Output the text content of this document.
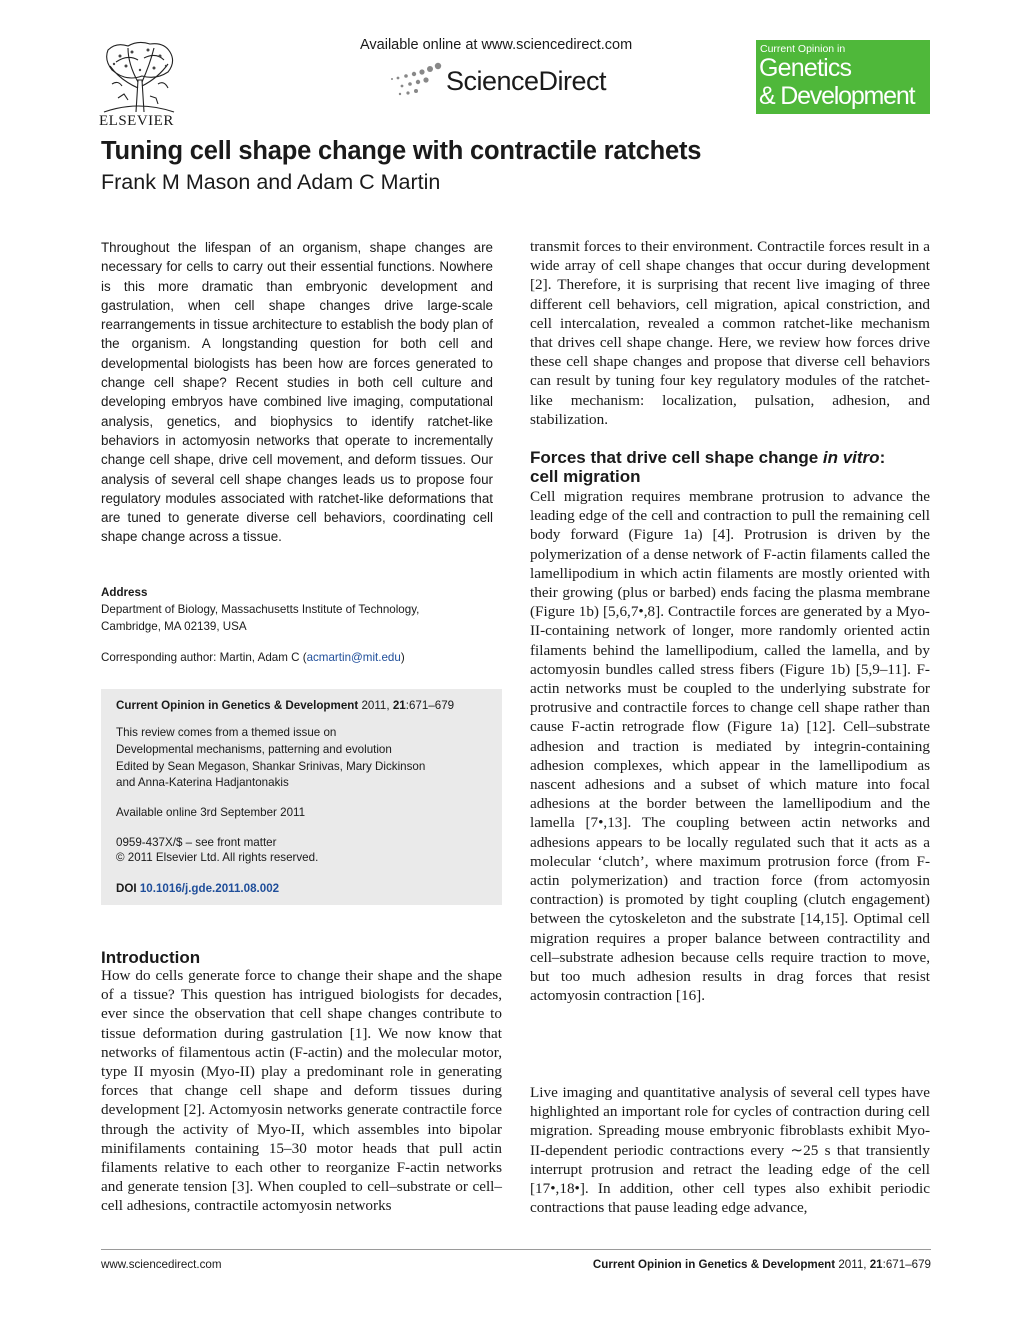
ELSEVIER
Available online at www.sciencedirect.com
ScienceDirect
Current Opinion in
Genetics
& Development
Tuning cell shape change with contractile ratchets
Frank M Mason and Adam C Martin
Throughout the lifespan of an organism, shape changes are necessary for cells to carry out their essential functions. Nowhere is this more dramatic than embryonic development and gastrulation, when cell shape changes drive large-scale rearrangements in tissue architecture to establish the body plan of the organism. A longstanding question for both cell and developmental biologists has been how are forces generated to change cell shape? Recent studies in both cell culture and developing embryos have combined live imaging, computational analysis, genetics, and biophysics to identify ratchet-like behaviors in actomyosin networks that operate to incrementally change cell shape, drive cell movement, and deform tissues. Our analysis of several cell shape changes leads us to propose four regulatory modules associated with ratchet-like deformations that are tuned to generate diverse cell behaviors, coordinating cell shape change across a tissue.
Address
Department of Biology, Massachusetts Institute of Technology,
Cambridge, MA 02139, USA
Corresponding author: Martin, Adam C (acmartin@mit.edu)
Current Opinion in Genetics & Development 2011, 21:671–679
This review comes from a themed issue on
Developmental mechanisms, patterning and evolution
Edited by Sean Megason, Shankar Srinivas, Mary Dickinson
and Anna-Katerina Hadjantonakis
Available online 3rd September 2011
0959-437X/$ – see front matter
© 2011 Elsevier Ltd. All rights reserved.
DOI 10.1016/j.gde.2011.08.002
Introduction
How do cells generate force to change their shape and the shape of a tissue? This question has intrigued biologists for decades, ever since the observation that cell shape changes contribute to tissue deformation during gastrulation [1]. We now know that networks of filamentous actin (F-actin) and the molecular motor, type II myosin (Myo-II) play a predominant role in generating forces that change cell shape and deform tissues during development [2]. Actomyosin networks generate contractile force through the activity of Myo-II, which assembles into bipolar minifilaments containing 15–30 motor heads that pull actin filaments relative to each other to reorganize F-actin networks and generate tension [3]. When coupled to cell–substrate or cell–cell adhesions, contractile actomyosin networks
transmit forces to their environment. Contractile forces result in a wide array of cell shape changes that occur during development [2]. Therefore, it is surprising that recent live imaging of three different cell behaviors, cell migration, apical constriction, and cell intercalation, revealed a common ratchet-like mechanism that drives cell shape change. Here, we review how forces drive these cell shape changes and propose that diverse cell behaviors can result by tuning four key regulatory modules of the ratchet-like mechanism: localization, pulsation, adhesion, and stabilization.
Forces that drive cell shape change in vitro:
cell migration
Cell migration requires membrane protrusion to advance the leading edge of the cell and contraction to pull the remaining cell body forward (Figure 1a) [4]. Protrusion is driven by the polymerization of a dense network of F-actin filaments called the lamellipodium in which actin filaments are mostly oriented with their growing (plus or barbed) ends facing the plasma membrane (Figure 1b) [5,6,7•,8]. Contractile forces are generated by a Myo-II-containing network of longer, more randomly oriented actin filaments behind the lamellipodium, called the lamella, and by actomyosin bundles called stress fibers (Figure 1b) [5,9–11]. F-actin networks must be coupled to the underlying substrate for protrusive and contractile forces to change cell shape rather than cause F-actin retrograde flow (Figure 1a) [12]. Cell–substrate adhesion and traction is mediated by integrin-containing adhesion complexes, which appear in the lamellipodium as nascent adhesions and a subset of which mature into focal adhesions at the border between the lamellipodium and the lamella [7•,13]. The coupling between actin networks and adhesions appears to be locally regulated such that it acts as a molecular ‘clutch’, where maximum protrusion force (from F-actin polymerization) and traction force (from actomyosin contraction) is promoted by tight coupling (clutch engagement) between the cytoskeleton and the substrate [14,15]. Optimal cell migration requires a proper balance between contractility and cell–substrate adhesion because cells require traction to move, but too much adhesion results in drag forces that resist actomyosin contraction [16].
Live imaging and quantitative analysis of several cell types have highlighted an important role for cycles of contraction during cell migration. Spreading mouse embryonic fibroblasts exhibit Myo-II-dependent periodic contractions every ∼25 s that transiently interrupt protrusion and retract the leading edge of the cell [17•,18•]. In addition, other cell types also exhibit periodic contractions that pause leading edge advance,
www.sciencedirect.com	Current Opinion in Genetics & Development 2011, 21:671–679
